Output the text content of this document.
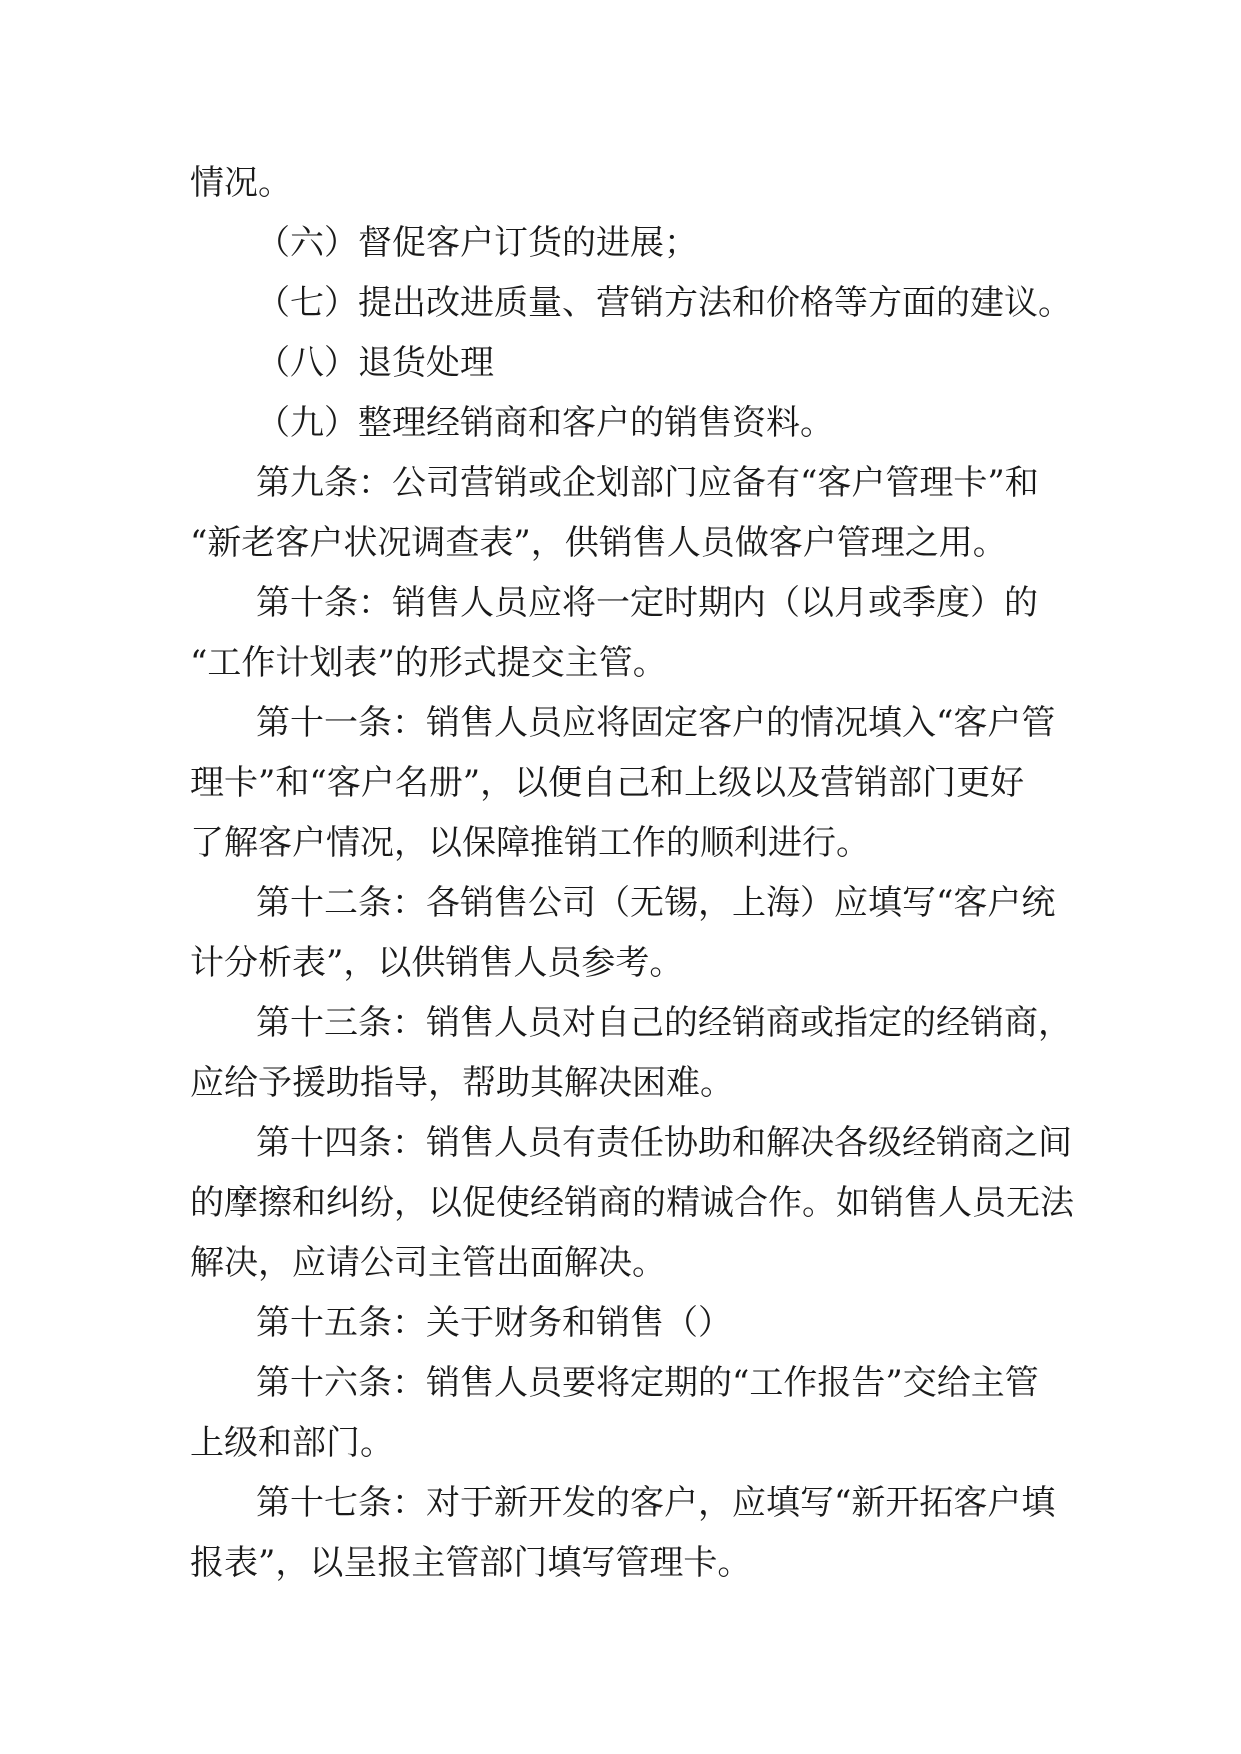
情况。
（六）督促客户订货的进展；
（七）提出改进质量、营销方法和价格等方面的建议。
（八）退货处理
（九）整理经销商和客户的销售资料。
第九条：公司营销或企划部门应备有“客户管理卡”和
“新老客户状况调查表”，供销售人员做客户管理之用。
第十条：销售人员应将一定时期内（以月或季度）的
“工作计划表”的形式提交主管。
第十一条：销售人员应将固定客户的情况填入“客户管
理卡”和“客户名册”，以便自己和上级以及营销部门更好
了解客户情况，以保障推销工作的顺利进行。
第十二条：各销售公司（无锡，上海）应填写“客户统
计分析表”，以供销售人员参考。
第十三条：销售人员对自己的经销商或指定的经销商，
应给予援助指导，帮助其解决困难。
第十四条：销售人员有责任协助和解决各级经销商之间
的摩擦和纠纷，以促使经销商的精诚合作。如销售人员无法
解决，应请公司主管出面解决。
第十五条：关于财务和销售（）
第十六条：销售人员要将定期的“工作报告”交给主管
上级和部门。
第十七条：对于新开发的客户，应填写“新开拓客户填
报表”，以呈报主管部门填写管理卡。
